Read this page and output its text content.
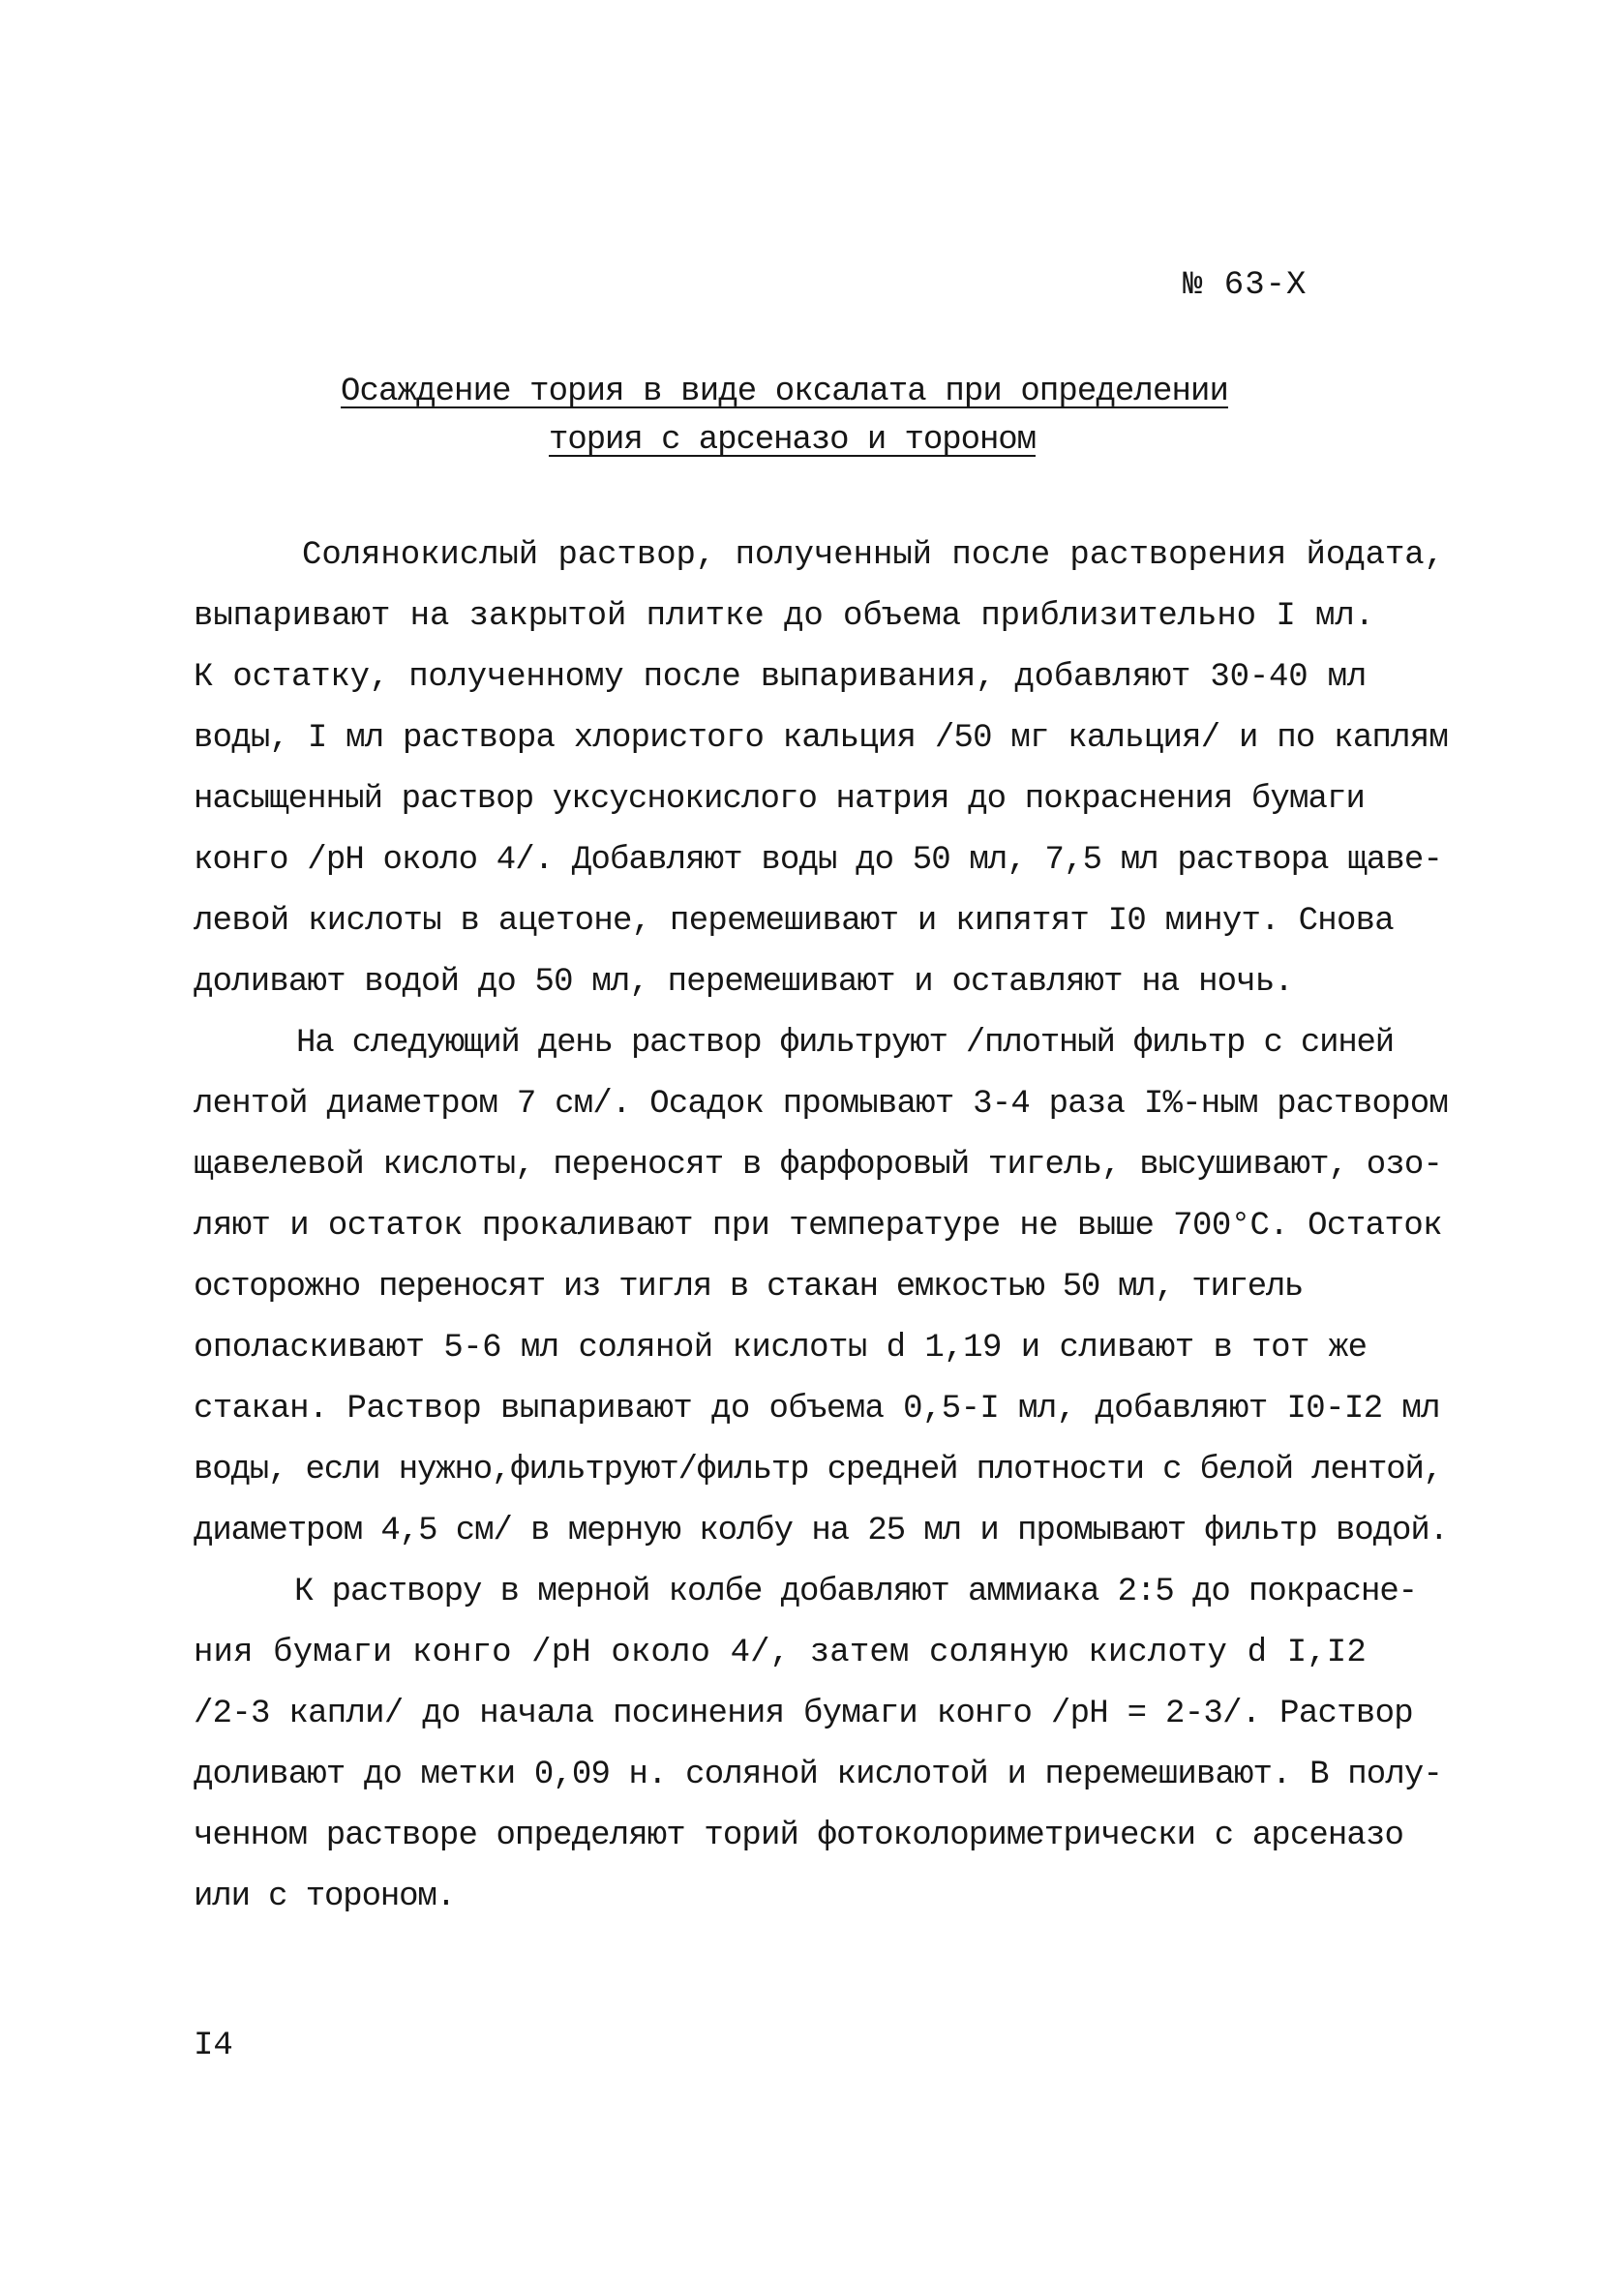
№ 63-Х
Осаждение тория в виде оксалата при определении
тория с арсеназо и тороном
Солянокислый раствор, полученный после растворения йодата,
выпаривают на закрытой плитке до объема приблизительно I мл.
К остатку, полученному после выпаривания, добавляют 30-40 мл
воды, I мл раствора хлористого кальция /50 мг кальция/ и по каплям
насыщенный раствор уксуснокислого натрия до покраснения бумаги
конго /рН около 4/. Добавляют воды до 50 мл, 7,5 мл раствора щаве-
левой кислоты в ацетоне, перемешивают и кипятят I0 минут. Снова
доливают водой до 50 мл, перемешивают и оставляют на ночь.
На следующий день раствор фильтруют /плотный фильтр с синей
лентой диаметром 7 см/. Осадок промывают 3-4 раза I%-ным раствором
щавелевой кислоты, переносят в фарфоровый тигель, высушивают, озо-
ляют и остаток прокаливают при температуре не выше 700°С. Остаток
осторожно переносят из тигля в стакан емкостью 50 мл, тигель
ополаскивают 5-6 мл соляной кислоты d 1,19 и сливают в тот же
стакан. Раствор выпаривают до объема 0,5-I мл, добавляют I0-I2 мл
воды, если нужно,фильтруют/фильтр средней плотности с белой лентой,
диаметром 4,5 см/ в мерную колбу на 25 мл и промывают фильтр водой.
К раствору в мерной колбе добавляют аммиака 2:5 до покрасне-
ния бумаги конго /рН около 4/, затем соляную кислоту d I,I2
/2-3 капли/ до начала посинения бумаги конго /рН = 2-3/. Раствор
доливают до метки 0,09 н. соляной кислотой и перемешивают. В полу-
ченном растворе определяют торий фотоколориметрически с арсеназо
или с тороном.
I4
